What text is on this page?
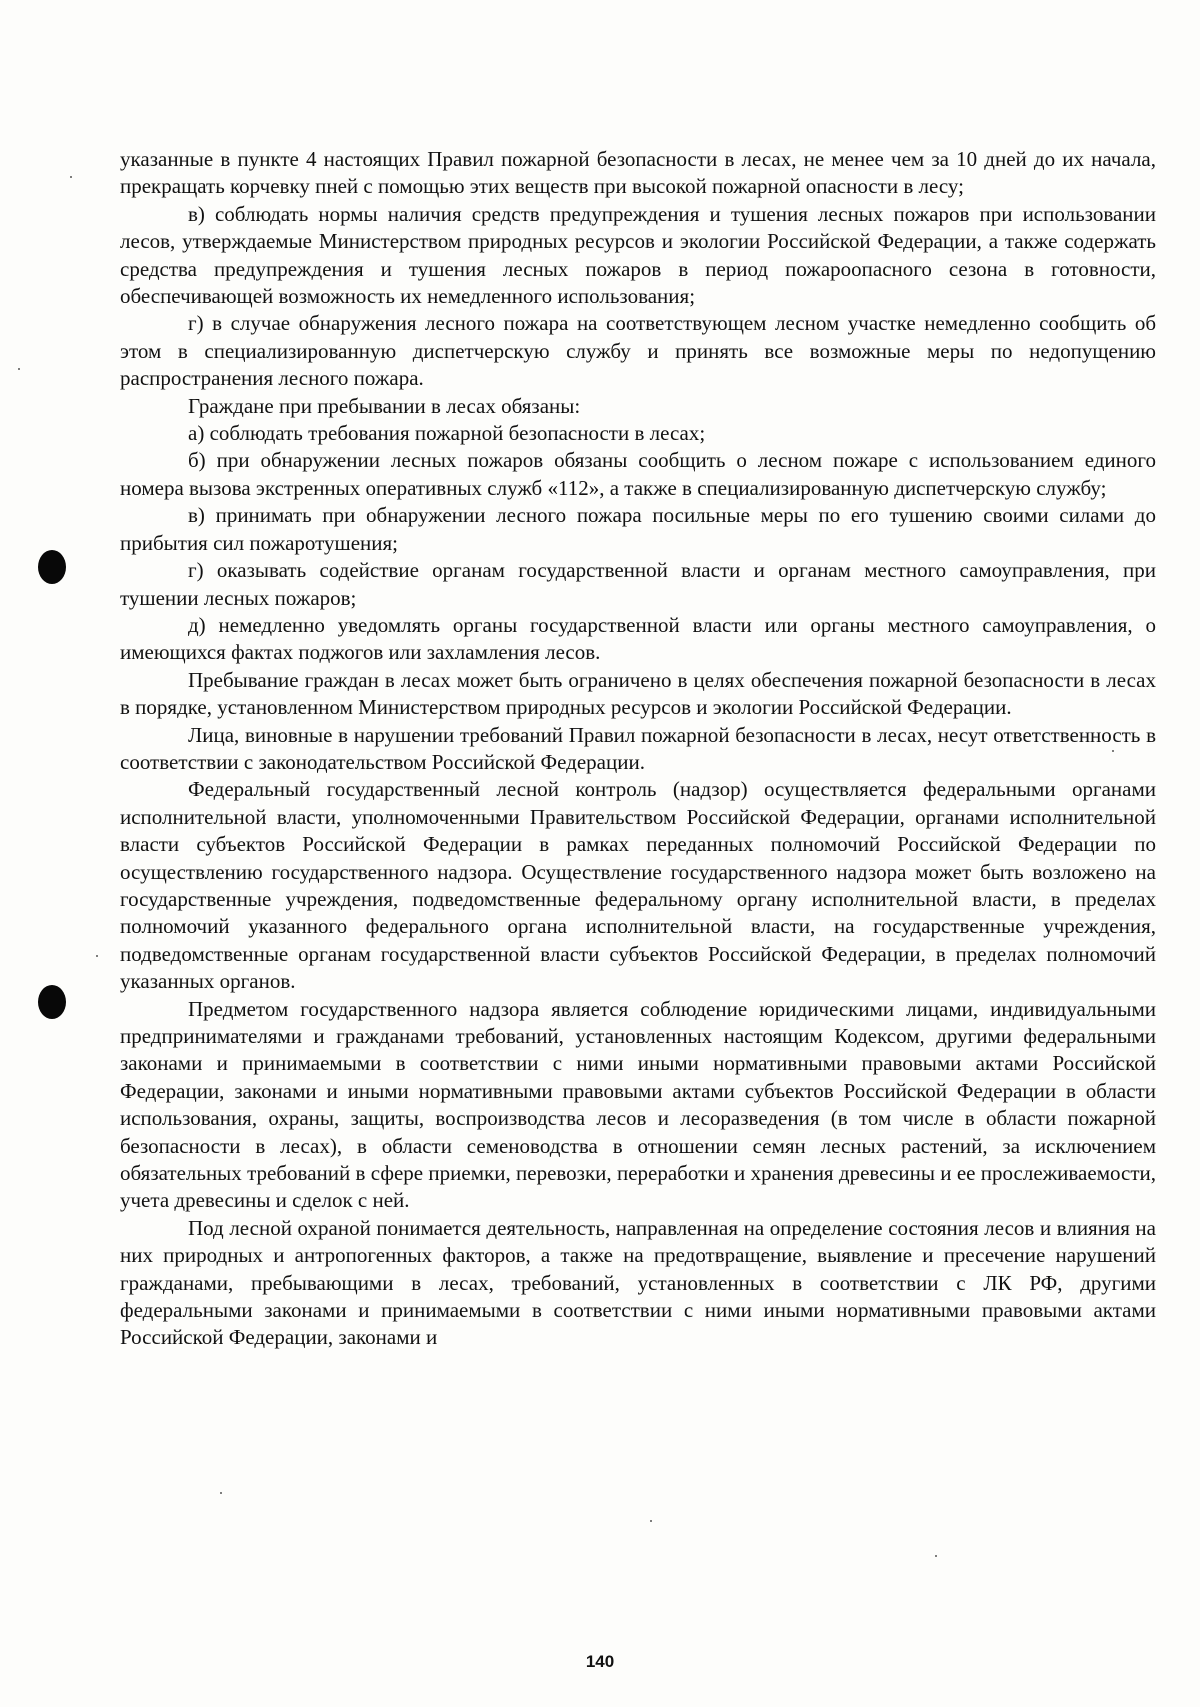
указанные в пункте 4 настоящих Правил пожарной безопасности в лесах, не менее чем за 10 дней до их начала, прекращать корчевку пней с помощью этих веществ при высокой пожарной опасности в лесу;

в) соблюдать нормы наличия средств предупреждения и тушения лесных пожаров при использовании лесов, утверждаемые Министерством природных ресурсов и экологии Российской Федерации, а также содержать средства предупреждения и тушения лесных пожаров в период пожароопасного сезона в готовности, обеспечивающей возможность их немедленного использования;

г) в случае обнаружения лесного пожара на соответствующем лесном участке немедленно сообщить об этом в специализированную диспетчерскую службу и принять все возможные меры по недопущению распространения лесного пожара.

Граждане при пребывании в лесах обязаны:

а) соблюдать требования пожарной безопасности в лесах;

б) при обнаружении лесных пожаров обязаны сообщить о лесном пожаре с использованием единого номера вызова экстренных оперативных служб «112», а также в специализированную диспетчерскую службу;

в) принимать при обнаружении лесного пожара посильные меры по его тушению своими силами до прибытия сил пожаротушения;

г) оказывать содействие органам государственной власти и органам местного самоуправления, при тушении лесных пожаров;

д) немедленно уведомлять органы государственной власти или органы местного самоуправления, о имеющихся фактах поджогов или захламления лесов.

Пребывание граждан в лесах может быть ограничено в целях обеспечения пожарной безопасности в лесах в порядке, установленном Министерством природных ресурсов и экологии Российской Федерации.

Лица, виновные в нарушении требований Правил пожарной безопасности в лесах, несут ответственность в соответствии с законодательством Российской Федерации.

Федеральный государственный лесной контроль (надзор) осуществляется федеральными органами исполнительной власти, уполномоченными Правительством Российской Федерации, органами исполнительной власти субъектов Российской Федерации в рамках переданных полномочий Российской Федерации по осуществлению государственного надзора. Осуществление государственного надзора может быть возложено на государственные учреждения, подведомственные федеральному органу исполнительной власти, в пределах полномочий указанного федерального органа исполнительной власти, на государственные учреждения, подведомственные органам государственной власти субъектов Российской Федерации, в пределах полномочий указанных органов.

Предметом государственного надзора является соблюдение юридическими лицами, индивидуальными предпринимателями и гражданами требований, установленных настоящим Кодексом, другими федеральными законами и принимаемыми в соответствии с ними иными нормативными правовыми актами Российской Федерации, законами и иными нормативными правовыми актами субъектов Российской Федерации в области использования, охраны, защиты, воспроизводства лесов и лесоразведения (в том числе в области пожарной безопасности в лесах), в области семеноводства в отношении семян лесных растений, за исключением обязательных требований в сфере приемки, перевозки, переработки и хранения древесины и ее прослеживаемости, учета древесины и сделок с ней.

Под лесной охраной понимается деятельность, направленная на определение состояния лесов и влияния на них природных и антропогенных факторов, а также на предотвращение, выявление и пресечение нарушений гражданами, пребывающими в лесах, требований, установленных в соответствии с ЛК РФ, другими федеральными законами и принимаемыми в соответствии с ними иными нормативными правовыми актами Российской Федерации, законами и

140
